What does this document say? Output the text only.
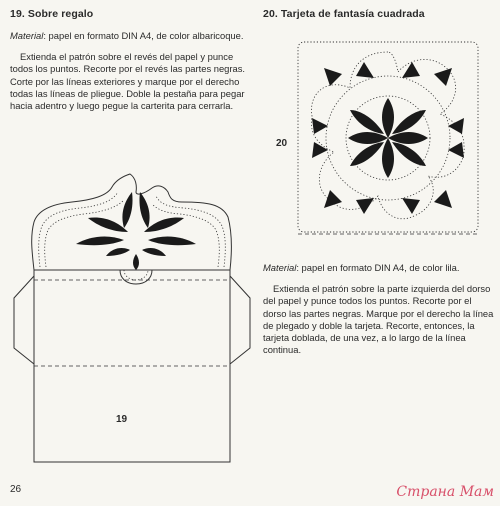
19. Sobre regalo

Material: papel en formato DIN A4, de color albaricoque.

Extienda el patrón sobre el revés del papel y punce todos los puntos. Recorte por el revés las partes negras. Corte por las líneas exteriores y marque por el derecho todas las líneas de pliegue. Doble la pestaña para pegar hacia adentro y luego pegue la carterita para cerrarla.

20. Tarjeta de fantasía cuadrada
19
20

Material: papel en formato DIN A4, de color lila.

Extienda el patrón sobre la parte izquierda del dorso del papel y punce todos los puntos. Recorte por el dorso las partes negras. Marque por el derecho la línea de plegado y doble la tarjeta. Recorte, entonces, la tarjeta doblada, de una vez, a lo largo de la línea continua.

26	Страна Мам
